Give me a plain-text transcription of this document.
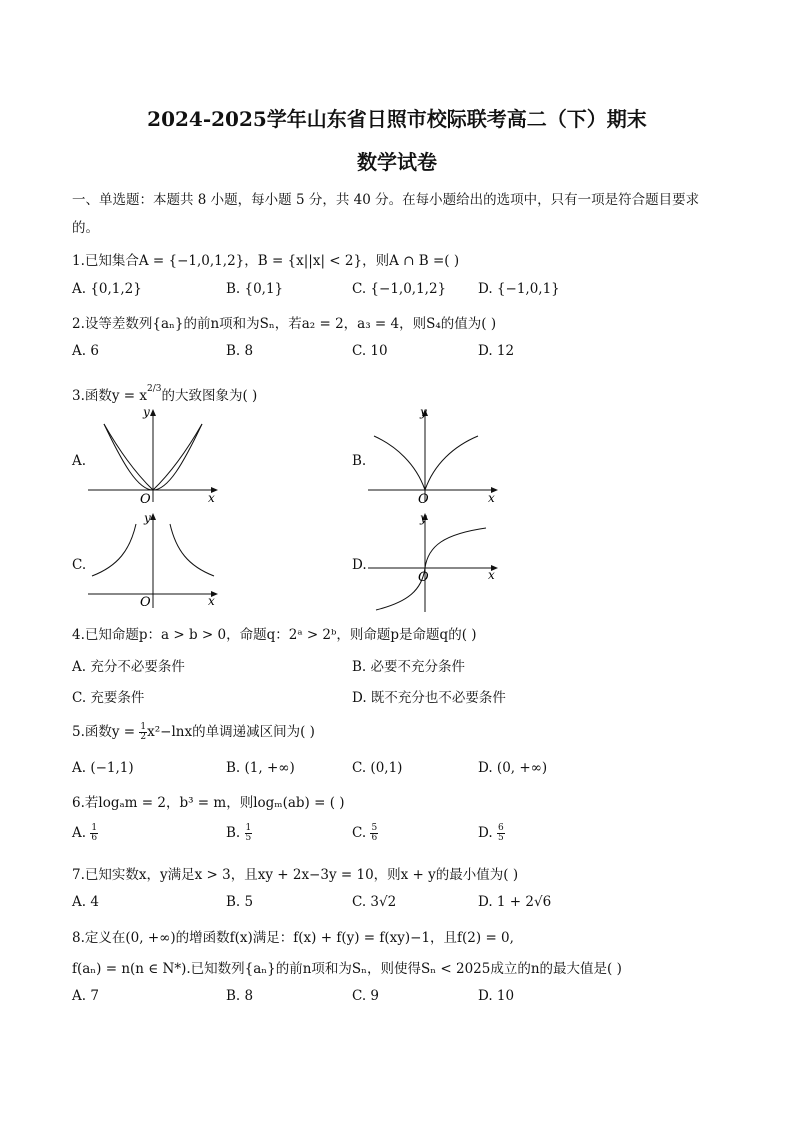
2024-2025学年山东省日照市校际联考高二（下）期末
数学试卷
一、单选题：本题共 8 小题，每小题 5 分，共 40 分。在每小题给出的选项中，只有一项是符合题目要求
的。
1.已知集合A = {−1,0,1,2}，B = {x||x| < 2}，则A ∩ B =( )
A. {0,1,2}	B. {0,1}	C. {−1,0,1,2} D. {−1,0,1}
2.设等差数列{aₙ}的前n项和为Sₙ，若a₂ = 2，a₃ = 4，则S₄的值为( )
A. 6	B. 8	C. 10	D. 12
3.函数$y = x^{2/3}$的大致图象为( )
A.	B.
C.	D.
y
x
O
y
x
O
y
x
O
y
x
O
4.已知命题p：a > b > 0，命题q：2ᵃ > 2ᵇ，则命题p是命题q的( )
A. 充分不必要条件	B. 必要不充分条件
C. 充要条件	D. 既不充分也不必要条件
5.函数$y = \frac{1}{2} x^2-\ln x$的单调递减区间为( )
A. (−1,1)	B. (1, +∞)	C. (0,1)	D. (0, +∞)
6.若logₐm = 2，b³ = m，则logₘ(ab) = ( )
A. $\frac{1}{6}$	B. $\frac{1}{5}$	C. $\frac{5}{6}$	D. $\frac{6}{5}$
7.已知实数x，y满足x > 3，且xy + 2x−3y = 10，则x + y的最小值为( )
A. 4	B. 5	C. 3√2	D. 1 + 2√6
8.定义在(0, +∞)的增函数f(x)满足：f(x) + f(y) = f(xy)−1，且f(2) = 0,
f(aₙ) = n(n ∈ N*).已知数列{aₙ}的前n项和为Sₙ，则使得Sₙ < 2025成立的n的最大值是( )
A. 7	B. 8	C. 9	D. 10
